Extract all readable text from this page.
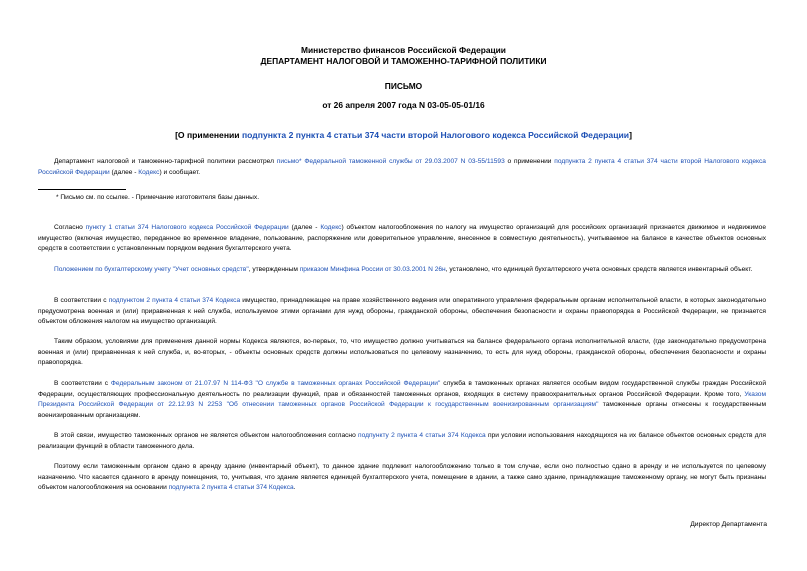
Министерство финансов Российской Федерации
ДЕПАРТАМЕНТ НАЛОГОВОЙ И ТАМОЖЕННО-ТАРИФНОЙ ПОЛИТИКИ
ПИСЬМО
от 26 апреля 2007 года N 03-05-05-01/16
[О применении подпункта 2 пункта 4 статьи 374 части второй Налогового кодекса Российской Федерации]
Департамент налоговой и таможенно-тарифной политики рассмотрел письмо* Федеральной таможенной службы от 29.03.2007 N 03-55/11593 о применении подпункта 2 пункта 4 статьи 374 части второй Налогового кодекса Российской Федерации (далее - Кодекс) и сообщает.
* Письмо см. по ссылке. - Примечание изготовителя базы данных.
Согласно пункту 1 статьи 374 Налогового кодекса Российской Федерации (далее - Кодекс) объектом налогообложения по налогу на имущество организаций для российских организаций признается движимое и недвижимое имущество (включая имущество, переданное во временное владение, пользование, распоряжение или доверительное управление, внесенное в совместную деятельность), учитываемое на балансе в качестве объектов основных средств в соответствии с установленным порядком ведения бухгалтерского учета.
Положением по бухгалтерскому учету "Учет основных средств", утвержденным приказом Минфина России от 30.03.2001 N 26н, установлено, что единицей бухгалтерского учета основных средств является инвентарный объект.
В соответствии с подпунктом 2 пункта 4 статьи 374 Кодекса имущество, принадлежащее на праве хозяйственного ведения или оперативного управления федеральным органам исполнительной власти, в которых законодательно предусмотрена военная и (или) приравненная к ней служба, используемое этими органами для нужд обороны, гражданской обороны, обеспечения безопасности и охраны правопорядка в Российской Федерации, не признается объектом обложения налогом на имущество организаций.
Таким образом, условиями для применения данной нормы Кодекса являются, во-первых, то, что имущество должно учитываться на балансе федерального органа исполнительной власти, (где законодательно предусмотрена военная и (или) приравненная к ней служба, и, во-вторых, - объекты основных средств должны использоваться по целевому назначению, то есть для нужд обороны, гражданской обороны, обеспечения безопасности и охраны правопорядка.
В соответствии с Федеральным законом от 21.07.97 N 114-ФЗ "О службе в таможенных органах Российской Федерации" служба в таможенных органах является особым видом государственной службы граждан Российской Федерации, осуществляющих профессиональную деятельность по реализации функций, прав и обязанностей таможенных органов, входящих в систему правоохранительных органов Российской Федерации. Кроме того, Указом Президента Российской Федерации от 22.12.93 N 2253 "Об отнесении таможенных органов Российской Федерации к государственным военизированным организациям" таможенные органы отнесены к государственным военизированным организациям.
В этой связи, имущество таможенных органов не является объектом налогообложения согласно подпункту 2 пункта 4 статьи 374 Кодекса при условии использования находящихся на их балансе объектов основных средств для реализации функций в области таможенного дела.
Поэтому если таможенным органом сдано в аренду здание (инвентарный объект), то данное здание подлежит налогообложению только в том случае, если оно полностью сдано в аренду и не используется по целевому назначению. Что касается сданного в аренду помещения, то, учитывая, что здание является единицей бухгалтерского учета, помещение в здании, а также само здание, принадлежащие таможенному органу, не могут быть признаны объектом налогообложения на основании подпункта 2 пункта 4 статьи 374 Кодекса.
Директор Департамента
